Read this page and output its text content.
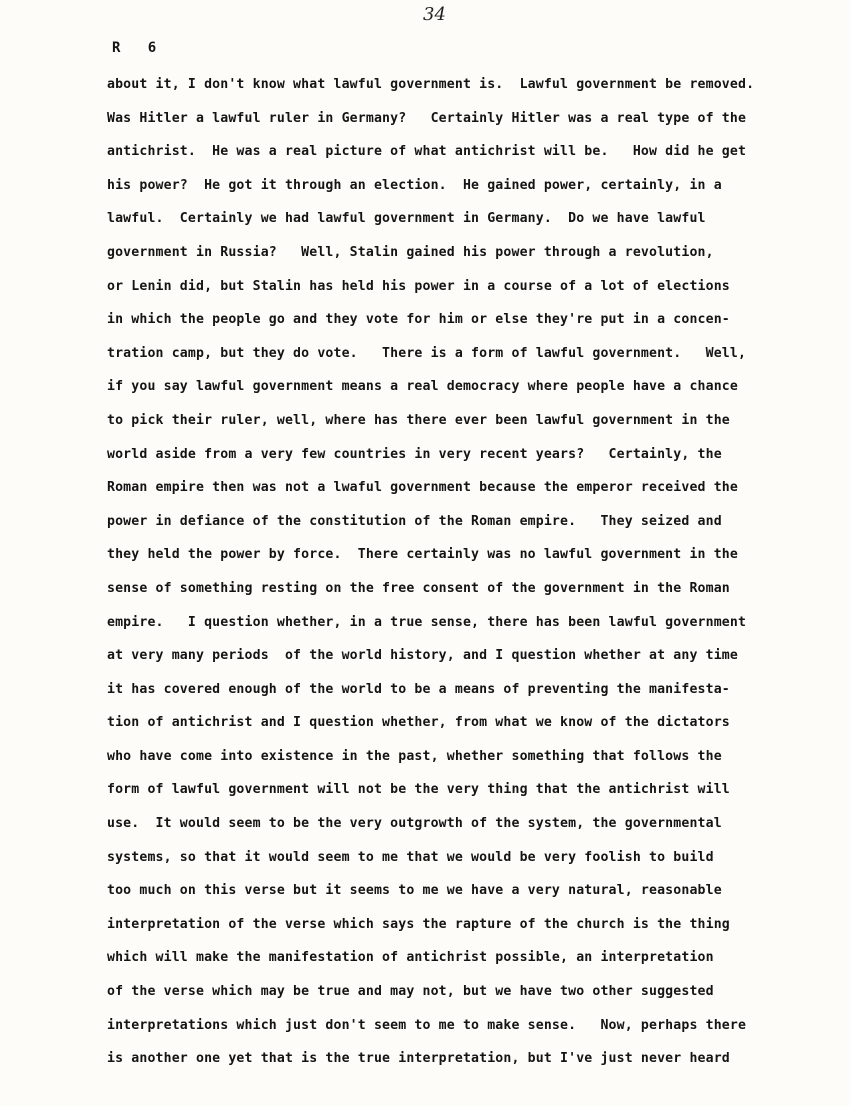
34
R   6
about it, I don't know what lawful government is.  Lawful government be removed.
Was Hitler a lawful ruler in Germany?   Certainly Hitler was a real type of the
antichrist.  He was a real picture of what antichrist will be.   How did he get
his power?  He got it through an election.  He gained power, certainly, in a
lawful.  Certainly we had lawful government in Germany.  Do we have lawful
government in Russia?   Well, Stalin gained his power through a revolution,
or Lenin did, but Stalin has held his power in a course of a lot of elections
in which the people go and they vote for him or else they're put in a concen-
tration camp, but they do vote.   There is a form of lawful government.   Well,
if you say lawful government means a real democracy where people have a chance
to pick their ruler, well, where has there ever been lawful government in the
world aside from a very few countries in very recent years?   Certainly, the
Roman empire then was not a lwaful government because the emperor received the
power in defiance of the constitution of the Roman empire.   They seized and
they held the power by force.  There certainly was no lawful government in the
sense of something resting on the free consent of the government in the Roman
empire.   I question whether, in a true sense, there has been lawful government
at very many periods  of the world history, and I question whether at any time
it has covered enough of the world to be a means of preventing the manifesta-
tion of antichrist and I question whether, from what we know of the dictators
who have come into existence in the past, whether something that follows the
form of lawful government will not be the very thing that the antichrist will
use.  It would seem to be the very outgrowth of the system, the governmental
systems, so that it would seem to me that we would be very foolish to build
too much on this verse but it seems to me we have a very natural, reasonable
interpretation of the verse which says the rapture of the church is the thing
which will make the manifestation of antichrist possible, an interpretation
of the verse which may be true and may not, but we have two other suggested
interpretations which just don't seem to me to make sense.   Now, perhaps there
is another one yet that is the true interpretation, but I've just never heard
